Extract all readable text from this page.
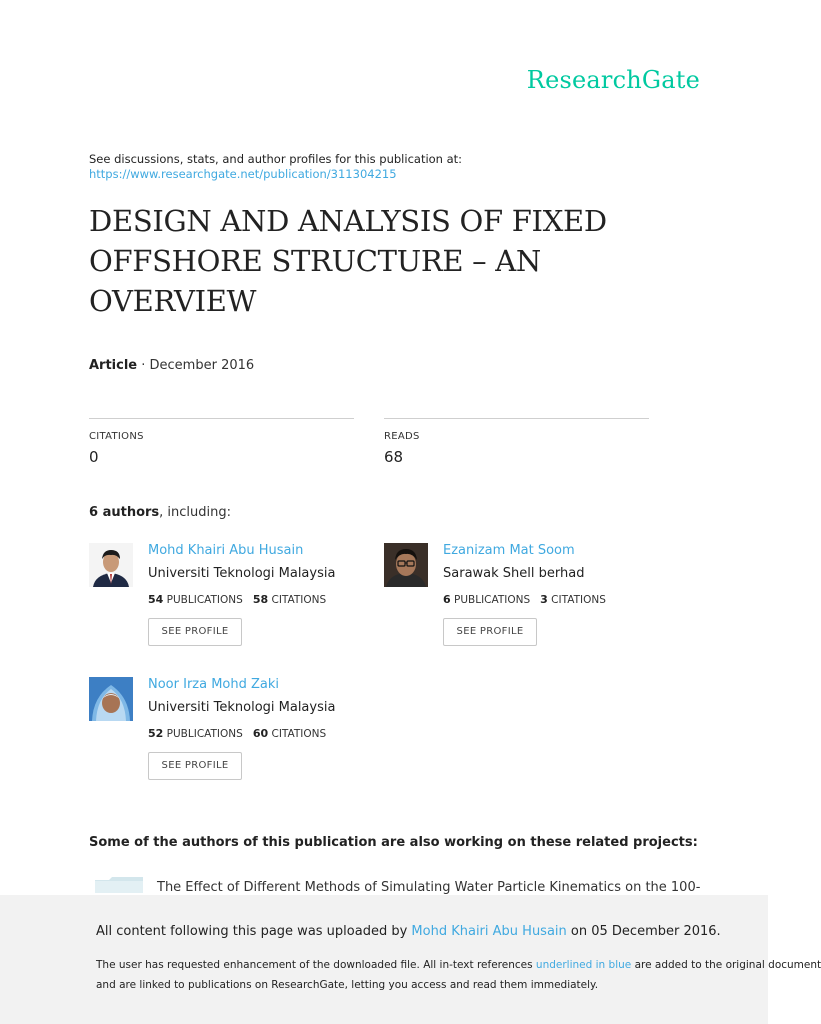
ResearchGate
See discussions, stats, and author profiles for this publication at:
https://www.researchgate.net/publication/311304215
DESIGN AND ANALYSIS OF FIXED OFFSHORE STRUCTURE – AN OVERVIEW
Article · December 2016
CITATIONS
0
READS
68
6 authors, including:
Mohd Khairi Abu Husain
Universiti Teknologi Malaysia
54 PUBLICATIONS 58 CITATIONS
SEE PROFILE
Ezanizam Mat Soom
Sarawak Shell berhad
6 PUBLICATIONS 3 CITATIONS
SEE PROFILE
Noor Irza Mohd Zaki
Universiti Teknologi Malaysia
52 PUBLICATIONS 60 CITATIONS
SEE PROFILE
Some of the authors of this publication are also working on these related projects:
The Effect of Different Methods of Simulating Water Particle Kinematics on the 100-
All content following this page was uploaded by Mohd Khairi Abu Husain on 05 December 2016.
The user has requested enhancement of the downloaded file. All in-text references underlined in blue are added to the original document
and are linked to publications on ResearchGate, letting you access and read them immediately.
